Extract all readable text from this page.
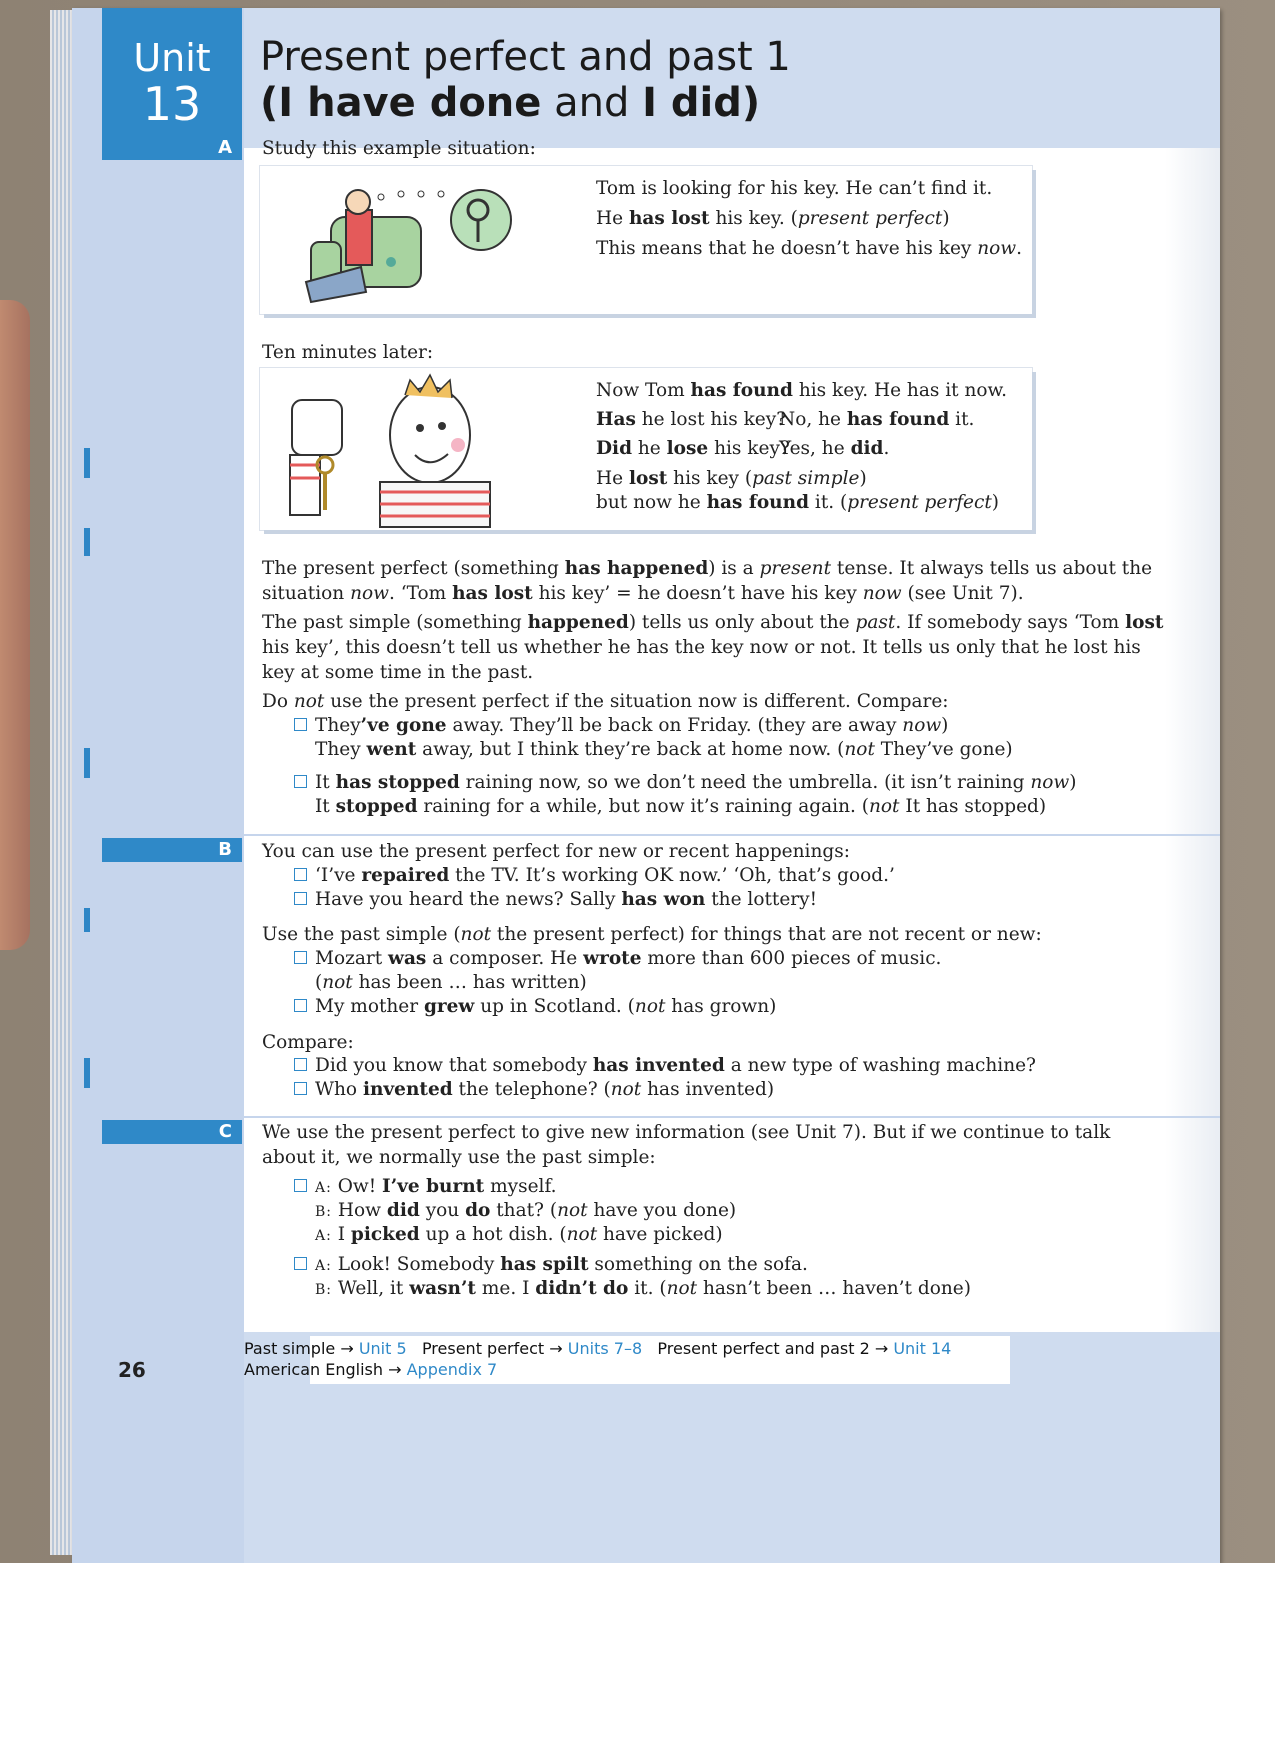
Unit
13
Present perfect and past 1
(I have done and I did)
A	Study this example situation:
Tom is looking for his key. He can’t find it.
He has lost his key. (present perfect)
This means that he doesn’t have his key now.
Ten minutes later:
Now Tom has found his key. He has it now.
Has he lost his key?
No, he has found it.
Did he lose his key?
Yes, he did.
He lost his key (past simple)
but now he has found it. (present perfect)
The present perfect (something has happened) is a present tense. It always tells us about the
situation now. ‘Tom has lost his key’ = he doesn’t have his key now (see Unit 7).
The past simple (something happened) tells us only about the past. If somebody says ‘Tom lost
his key’, this doesn’t tell us whether he has the key now or not. It tells us only that he lost his
key at some time in the past.
Do not use the present perfect if the situation now is different. Compare:
They’ve gone away. They’ll be back on Friday. (they are away now)
They went away, but I think they’re back at home now. (not They’ve gone)
It has stopped raining now, so we don’t need the umbrella. (it isn’t raining now)
It stopped raining for a while, but now it’s raining again. (not It has stopped)
B	You can use the present perfect for new or recent happenings:
‘I’ve repaired the TV. It’s working OK now.’ ‘Oh, that’s good.’
Have you heard the news? Sally has won the lottery!
Use the past simple (not the present perfect) for things that are not recent or new:
Mozart was a composer. He wrote more than 600 pieces of music.
(not has been … has written)
My mother grew up in Scotland. (not has grown)
Compare:
Did you know that somebody has invented a new type of washing machine?
Who invented the telephone? (not has invented)
C	We use the present perfect to give new information (see Unit 7). But if we continue to talk
about it, we normally use the past simple:
A: Ow! I’ve burnt myself.
B: How did you do that? (not have you done)
A: I picked up a hot dish. (not have picked)
A: Look! Somebody has spilt something on the sofa.
B: Well, it wasn’t me. I didn’t do it. (not hasn’t been … haven’t done)
Past simple → Unit 5 Present perfect → Units 7–8 Present perfect and past 2 → Unit 14
American English → Appendix 7
26
